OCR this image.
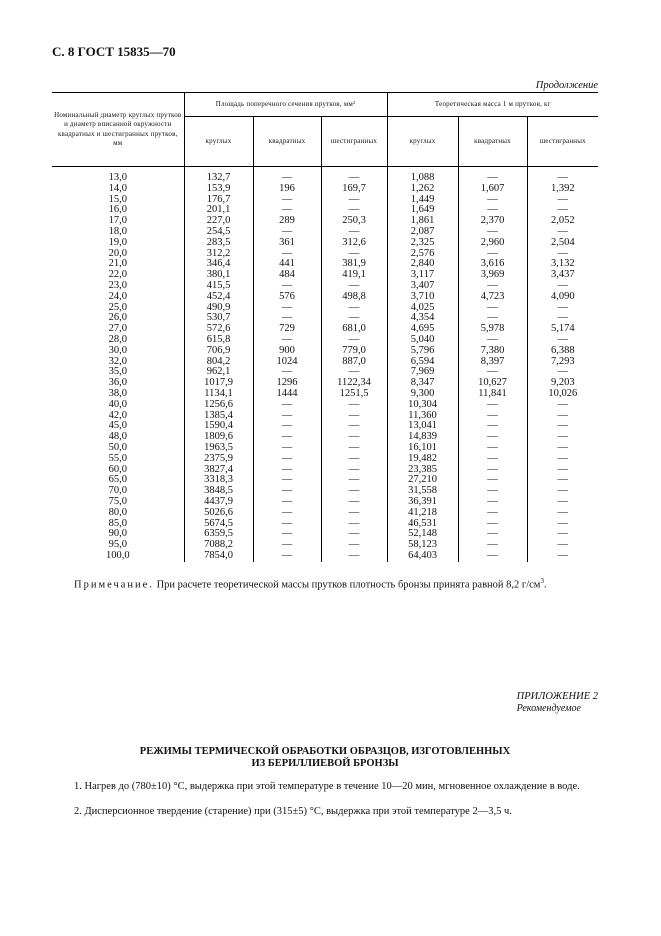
С. 8 ГОСТ 15835—70
Продолжение
Номинальный диаметр круглых прутков и диаметр вписанной окружности квадратных и шестигранных прутков, мм	Площадь поперечного сечения прутков, мм²			Теоретическая масса 1 м прутков, кг		
	круглых	квадратных	шестигранных	круглых	квадратных	шестигранных
13,0	132,7	—	—	1,088	—	—
14,0	153,9	196	169,7	1,262	1,607	1,392
15,0	176,7	—	—	1,449	—	—
16,0	201,1	—	—	1,649	—	—
17,0	227,0	289	250,3	1,861	2,370	2,052
18,0	254,5	—	—	2,087	—	—
19,0	283,5	361	312,6	2,325	2,960	2,504
20,0	312,2	—	—	2,576	—	—
21,0	346,4	441	381,9	2,840	3,616	3,132
22,0	380,1	484	419,1	3,117	3,969	3,437
23,0	415,5	—	—	3,407	—	—
24,0	452,4	576	498,8	3,710	4,723	4,090
25,0	490,9	—	—	4,025	—	—
26,0	530,7	—	—	4,354	—	—
27,0	572,6	729	681,0	4,695	5,978	5,174
28,0	615,8	—	—	5,040	—	—
30,0	706,9	900	779,0	5,796	7,380	6,388
32,0	804,2	1024	887,0	6,594	8,397	7,293
35,0	962,1	—	—	7,969	—	—
36,0	1017,9	1296	1122,34	8,347	10,627	9,203
38,0	1134,1	1444	1251,5	9,300	11,841	10,026
40,0	1256,6	—	—	10,304	—	—
42,0	1385,4	—	—	11,360	—	—
45,0	1590,4	—	—	13,041	—	—
48,0	1809,6	—	—	14,839	—	—
50,0	1963,5	—	—	16,101	—	—
55,0	2375,9	—	—	19,482	—	—
60,0	3827,4	—	—	23,385	—	—
65,0	3318,3	—	—	27,210	—	—
70,0	3848,5	—	—	31,558	—	—
75,0	4437,9	—	—	36,391	—	—
80,0	5026,6	—	—	41,218	—	—
85,0	5674,5	—	—	46,531	—	—
90,0	6359,5	—	—	52,148	—	—
95,0	7088,2	—	—	58,123	—	—
100,0	7854,0	—	—	64,403	—	—
Примечание. При расчете теоретической массы прутков плотность бронзы принята равной 8,2 $г/см^3$.
ПРИЛОЖЕНИЕ 2
Рекомендуемое
РЕЖИМЫ ТЕРМИЧЕСКОЙ ОБРАБОТКИ ОБРАЗЦОВ, ИЗГОТОВЛЕННЫХ
ИЗ БЕРИЛЛИЕВОЙ БРОНЗЫ
1. Нагрев до (780±10) °С, выдержка при этой температуре в течение 10—20 мин, мгновенное охлаждение в воде.
2. Дисперсионное твердение (старение) при (315±5) °С, выдержка при этой температуре 2—3,5 ч.
